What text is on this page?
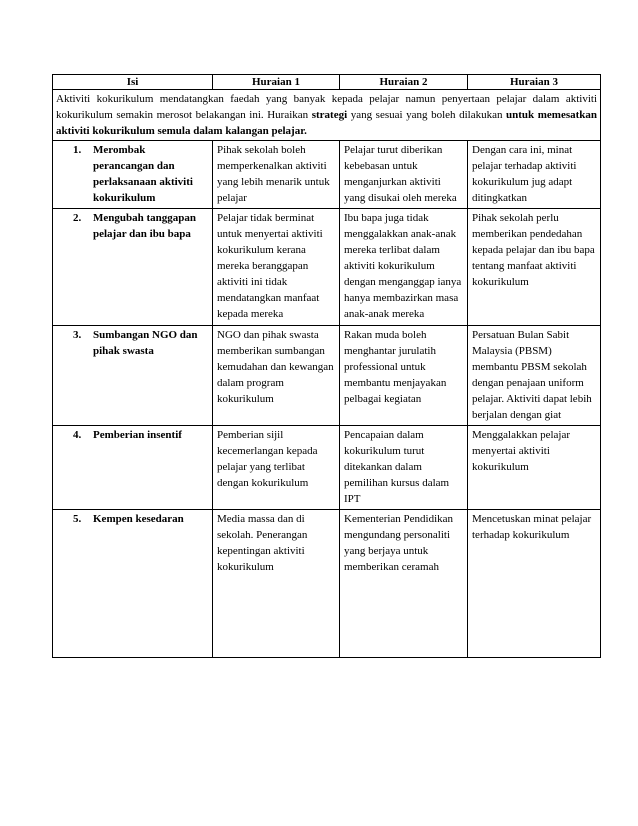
Aktiviti kokurikulum mendatangkan faedah yang banyak kepada pelajar namun penyertaan pelajar dalam aktiviti kokurikulum semakin merosot belakangan ini. Huraikan strategi yang sesuai yang boleh dilakukan untuk memesatkan aktiviti kokurikulum semula dalam kalangan pelajar.			
Isi	Huraian 1	Huraian 2	Huraian 3

1. Merombak perancangan dan perlaksanaan aktiviti kokurikulum	Pihak sekolah boleh memperkenalkan aktiviti yang lebih menarik untuk pelajar	Pelajar turut diberikan kebebasan untuk menganjurkan aktiviti yang disukai oleh mereka	Dengan cara ini, minat pelajar terhadap aktiviti kokurikulum jug adapt ditingkatkan

2. Mengubah tanggapan pelajar dan ibu bapa	Pelajar tidak berminat untuk menyertai aktiviti kokurikulum kerana mereka beranggapan aktiviti ini tidak mendatangkan manfaat kepada mereka	Ibu bapa juga tidak menggalakkan anak-anak mereka terlibat dalam aktiviti kokurikulum dengan menganggap ianya hanya membazirkan masa anak-anak mereka	Pihak sekolah perlu memberikan pendedahan kepada pelajar dan ibu bapa tentang manfaat aktiviti kokurikulum

3. Sumbangan NGO dan pihak swasta	NGO dan pihak swasta memberikan sumbangan kemudahan dan kewangan dalam program kokurikulum	Rakan muda boleh menghantar jurulatih professional untuk membantu menjayakan pelbagai kegiatan	Persatuan Bulan Sabit Malaysia (PBSM) membantu PBSM sekolah dengan penajaan uniform pelajar. Aktiviti dapat lebih berjalan dengan giat

4. Pemberian insentif	Pemberian sijil kecemerlangan kepada pelajar yang terlibat dengan kokurikulum	Pencapaian dalam kokurikulum turut ditekankan dalam pemilihan kursus dalam IPT	Menggalakkan pelajar menyertai aktiviti kokurikulum

5. Kempen kesedaran	Media massa dan di sekolah. Penerangan kepentingan aktiviti kokurikulum	Kementerian Pendidikan mengundang personaliti yang berjaya untuk memberikan ceramah	Mencetuskan minat pelajar terhadap kokurikulum
